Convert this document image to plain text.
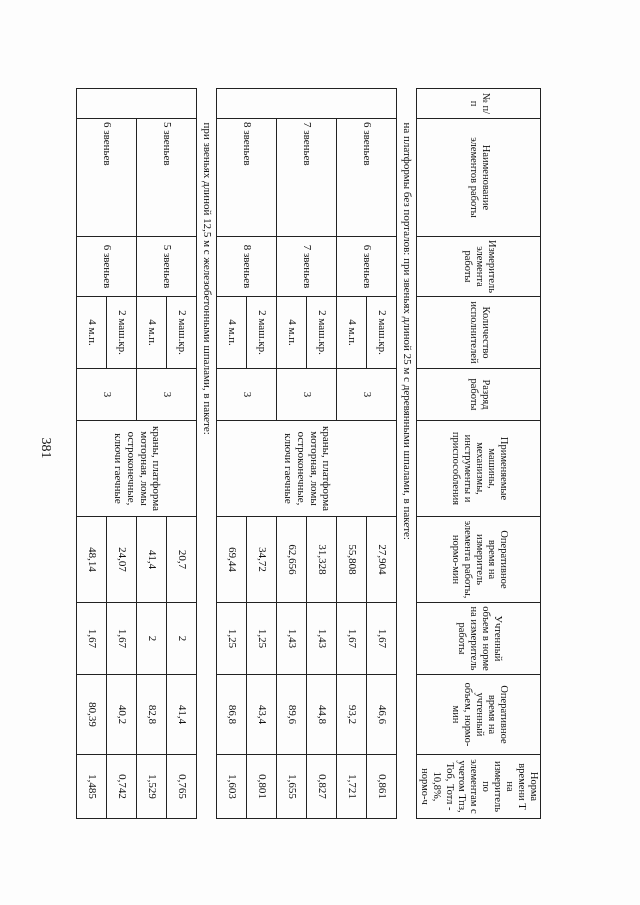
381
№ п/п	Наименование элементов работы	Измеритель элемента работы	Количество исполнителей	Разряд работы	Применяемые машины, механизмы, инструменты и приспособления	Оперативное время на измеритель элемента работы, нормо-мин	Учтенный объем в норме на измеритель работы	Оперативное время на учтенный объем, нормо-мин	Норма времени Т на измеритель по элементам с учетом Тпз, Тоб, Тотл - 10,8%, нормо-ч
	на платформы без порталов: при звеньях длиной 25 м с деревянными шпалами, в пакете:								
	6 звеньев	6 звеньев	2 маш.кр.	3	краны, платформа моторная, ломы остроконечные, ключи гаечные	27,904	1,67	46,6	0,861
			4 м.п.			55,808	1,67	93,2	1,721
	7 звеньев	7 звеньев	2 маш.кр.	3		31,328	1,43	44,8	0,827
			4 м.п.			62,656	1,43	89,6	1,655
	8 звеньев	8 звеньев	2 маш.кр.	3		34,72	1,25	43,4	0,801
			4 м.п.			69,44	1,25	86,8	1,603
	при звеньях длиной 12,5 м с железобетонными шпалами, в пакете:								
	5 звеньев	5 звеньев	2 маш.кр.	3	краны, платформа моторная, ломы остроконечные, ключи гаечные	20,7	2	41,4	0,765
			4 м.п.			41,4	2	82,8	1,529
	6 звеньев	6 звеньев	2 маш.кр.	3		24,07	1,67	40,2	0,742
			4 м.п.			48,14	1,67	80,39	1,485
